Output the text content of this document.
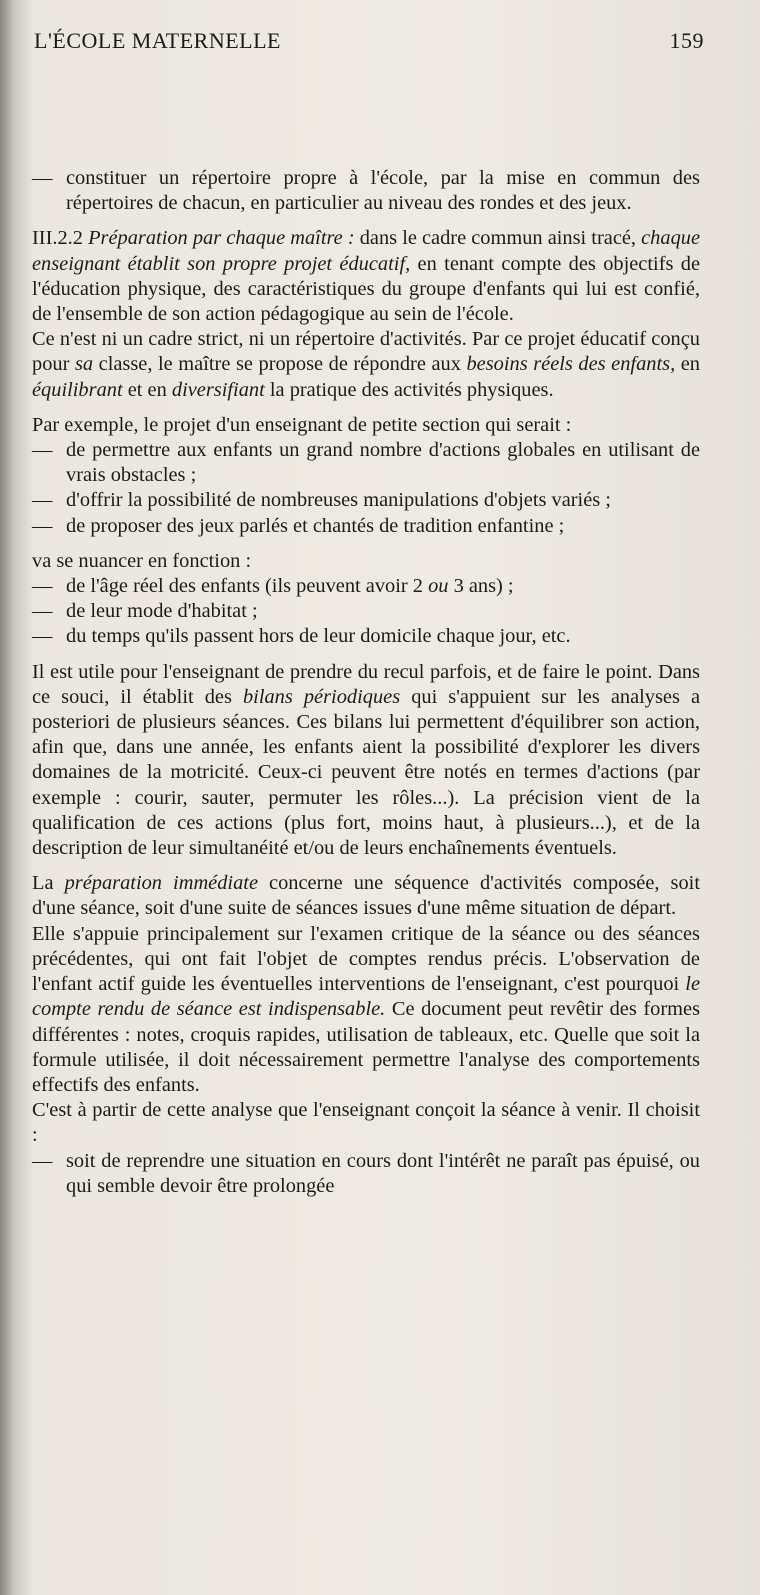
L'ÉCOLE MATERNELLE	159

— constituer un répertoire propre à l'école, par la mise en commun des répertoires de chacun, en particulier au niveau des rondes et des jeux.

III.2.2 Préparation par chaque maître : dans le cadre commun ainsi tracé, chaque enseignant établit son propre projet éducatif, en tenant compte des objectifs de l'éducation physique, des caractéristiques du groupe d'enfants qui lui est confié, de l'ensemble de son action pédagogique au sein de l'école.

Ce n'est ni un cadre strict, ni un répertoire d'activités. Par ce projet éducatif conçu pour sa classe, le maître se propose de répondre aux besoins réels des enfants, en équilibrant et en diversifiant la pratique des activités physiques.

Par exemple, le projet d'un enseignant de petite section qui serait :

— de permettre aux enfants un grand nombre d'actions globales en utilisant de vrais obstacles ;

— d'offrir la possibilité de nombreuses manipulations d'objets variés ;

— de proposer des jeux parlés et chantés de tradition enfantine ;

va se nuancer en fonction :

— de l'âge réel des enfants (ils peuvent avoir 2 ou 3 ans) ;

— de leur mode d'habitat ;

— du temps qu'ils passent hors de leur domicile chaque jour, etc.

Il est utile pour l'enseignant de prendre du recul parfois, et de faire le point. Dans ce souci, il établit des bilans périodiques qui s'appuient sur les analyses a posteriori de plusieurs séances. Ces bilans lui permettent d'équilibrer son action, afin que, dans une année, les enfants aient la possibilité d'explorer les divers domaines de la motricité. Ceux-ci peuvent être notés en termes d'actions (par exemple : courir, sauter, permuter les rôles...). La précision vient de la qualification de ces actions (plus fort, moins haut, à plusieurs...), et de la description de leur simultanéité et/ou de leurs enchaînements éventuels.

La préparation immédiate concerne une séquence d'activités composée, soit d'une séance, soit d'une suite de séances issues d'une même situation de départ.

Elle s'appuie principalement sur l'examen critique de la séance ou des séances précédentes, qui ont fait l'objet de comptes rendus précis. L'observation de l'enfant actif guide les éventuelles interventions de l'enseignant, c'est pourquoi le compte rendu de séance est indispensable. Ce document peut revêtir des formes différentes : notes, croquis rapides, utilisation de tableaux, etc. Quelle que soit la formule utilisée, il doit nécessairement permettre l'analyse des comportements effectifs des enfants.

C'est à partir de cette analyse que l'enseignant conçoit la séance à venir. Il choisit :

— soit de reprendre une situation en cours dont l'intérêt ne paraît pas épuisé, ou qui semble devoir être prolongée
